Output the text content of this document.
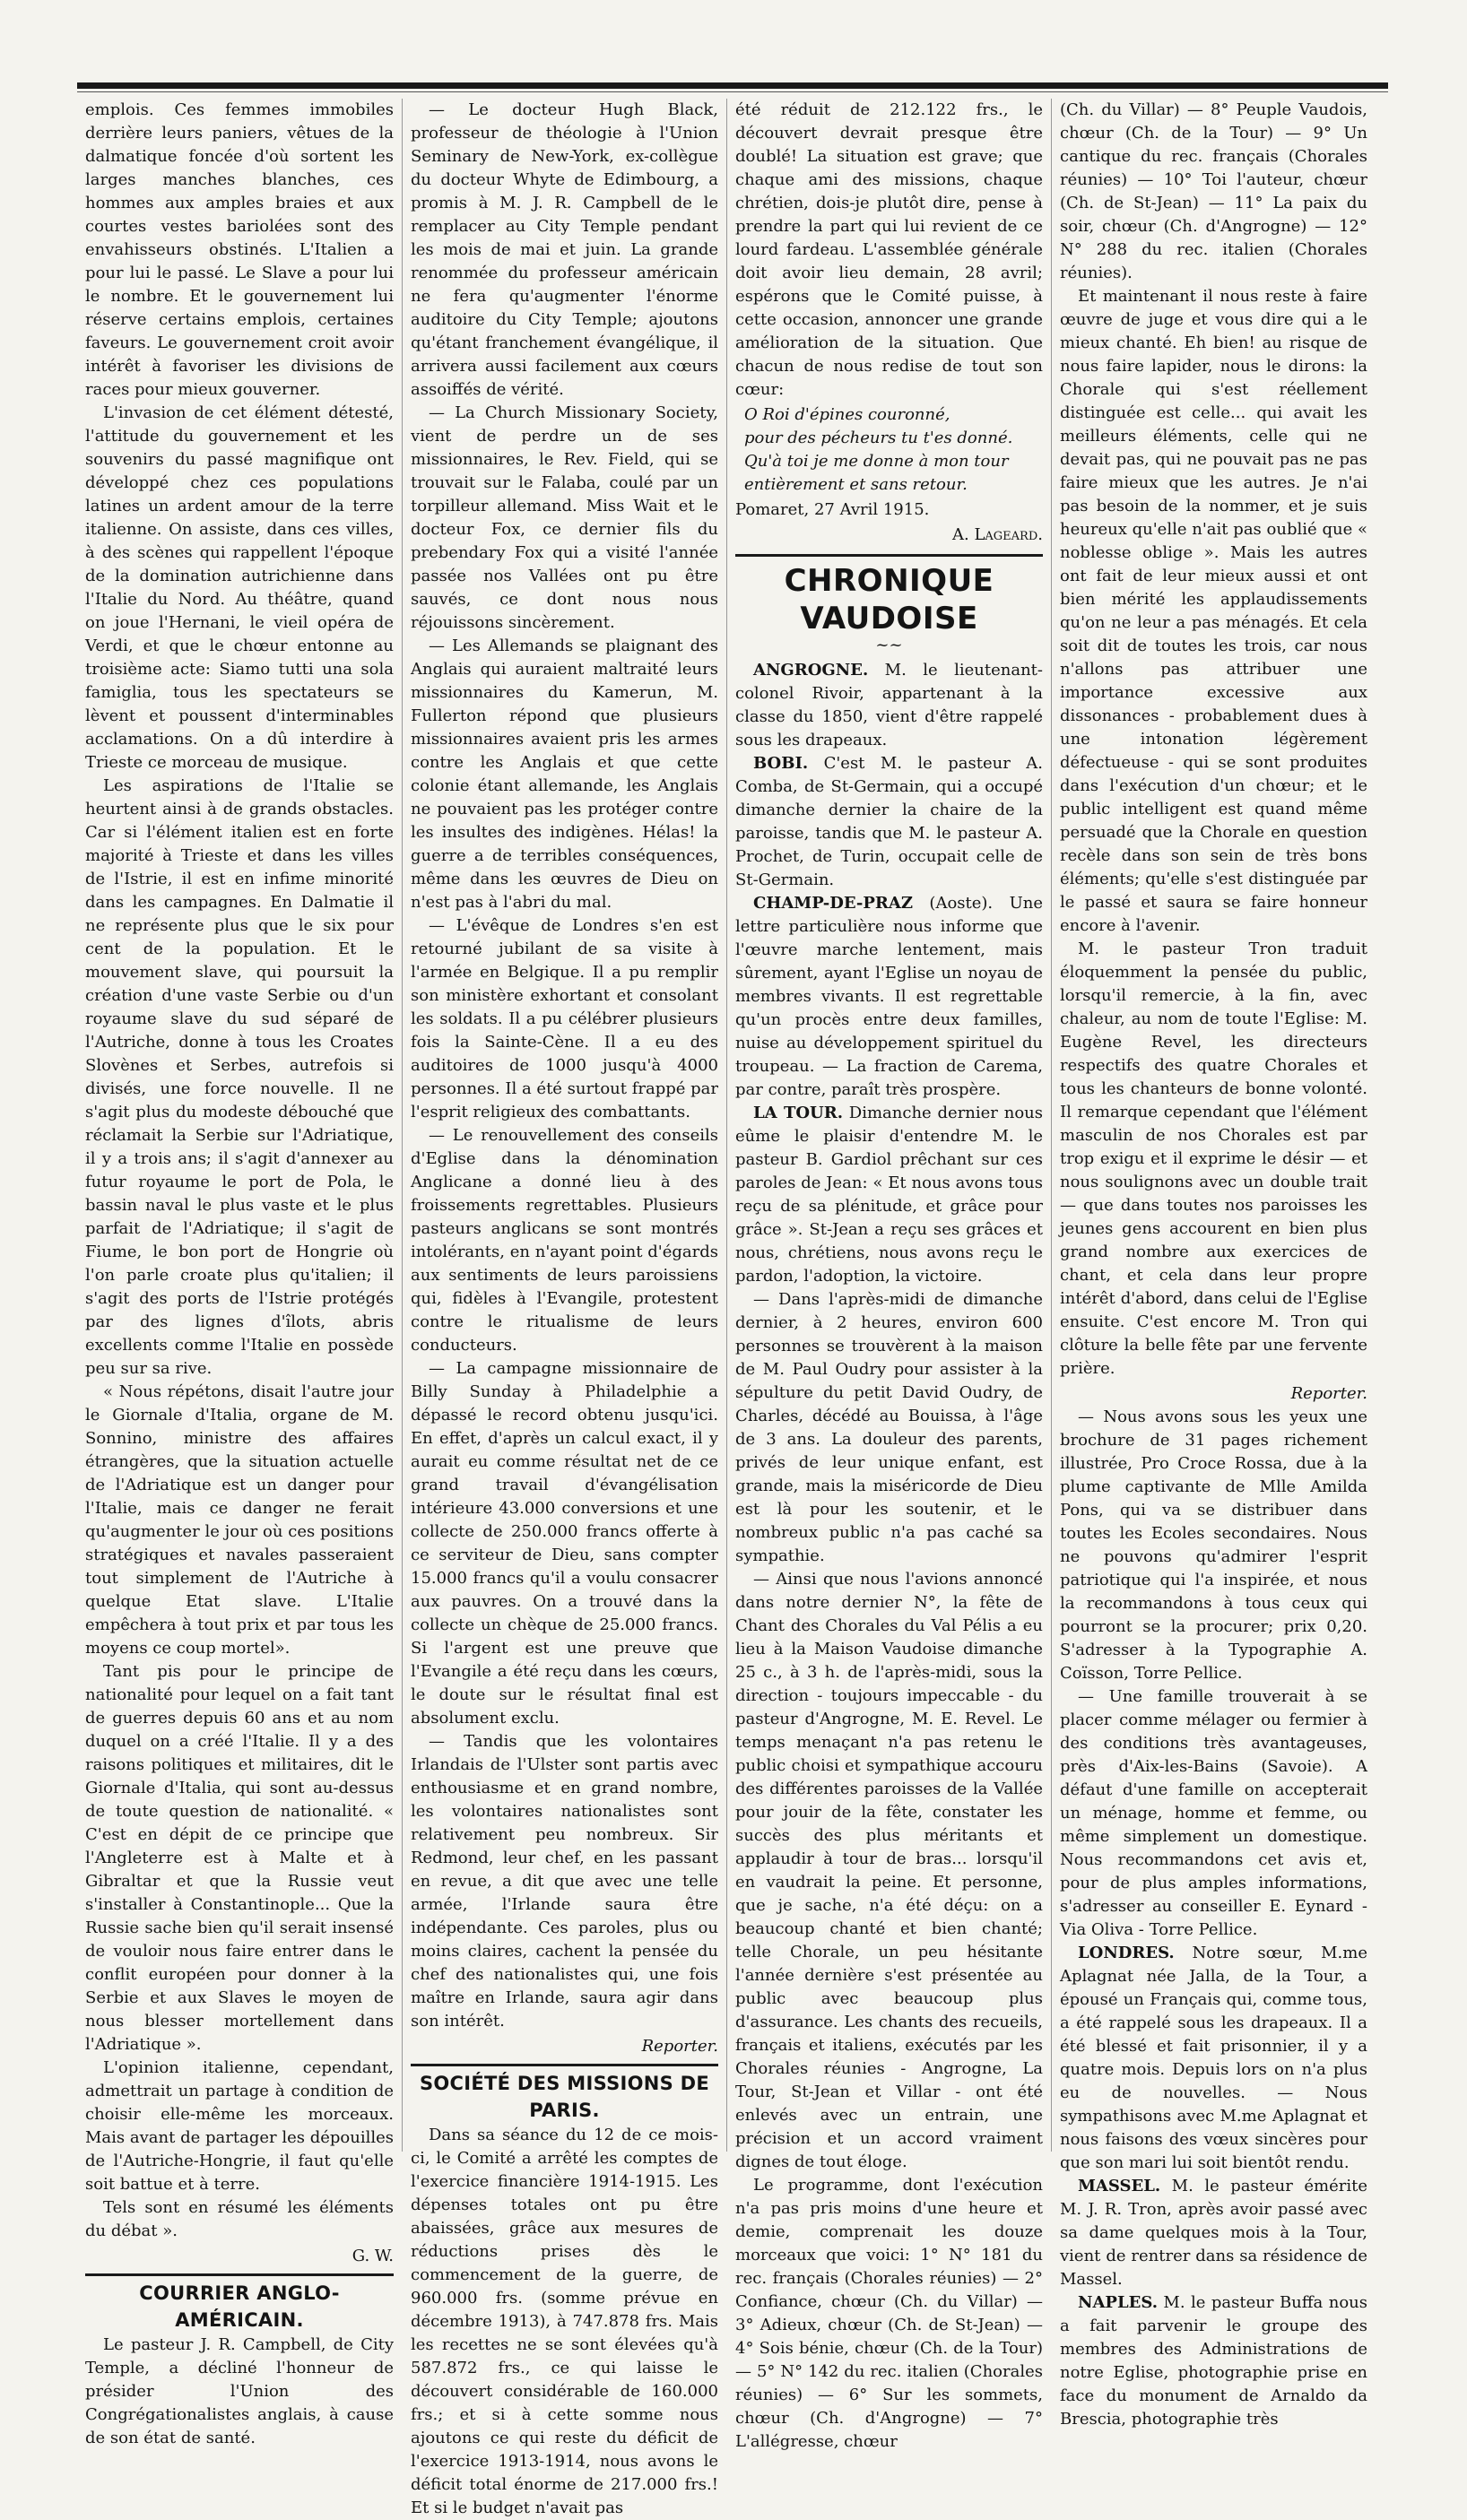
emplois. Ces femmes immobiles derrière leurs paniers, vêtues de la dalmatique foncée d'où sortent les larges manches blanches, ces hommes aux amples braies et aux courtes vestes bariolées sont des envahisseurs obstinés. L'Italien a pour lui le passé. Le Slave a pour lui le nombre. Et le gouvernement lui réserve certains emplois, certaines faveurs. Le gouvernement croit avoir intérêt à favoriser les divisions de races pour mieux gouverner.

L'invasion de cet élément détesté, l'attitude du gouvernement et les souvenirs du passé magnifique ont développé chez ces populations latines un ardent amour de la terre italienne. On assiste, dans ces villes, à des scènes qui rappellent l'époque de la domination autrichienne dans l'Italie du Nord. Au théâtre, quand on joue l'Hernani, le vieil opéra de Verdi, et que le chœur entonne au troisième acte: Siamo tutti una sola famiglia, tous les spectateurs se lèvent et poussent d'interminables acclamations. On a dû interdire à Trieste ce morceau de musique.

Les aspirations de l'Italie se heurtent ainsi à de grands obstacles. Car si l'élément italien est en forte majorité à Trieste et dans les villes de l'Istrie, il est en infime minorité dans les campagnes. En Dalmatie il ne représente plus que le six pour cent de la population. Et le mouvement slave, qui poursuit la création d'une vaste Serbie ou d'un royaume slave du sud séparé de l'Autriche, donne à tous les Croates Slovènes et Serbes, autrefois si divisés, une force nouvelle. Il ne s'agit plus du modeste débouché que réclamait la Serbie sur l'Adriatique, il y a trois ans; il s'agit d'annexer au futur royaume le port de Pola, le bassin naval le plus vaste et le plus parfait de l'Adriatique; il s'agit de Fiume, le bon port de Hongrie où l'on parle croate plus qu'italien; il s'agit des ports de l'Istrie protégés par des lignes d'îlots, abris excellents comme l'Italie en possède peu sur sa rive.

« Nous répétons, disait l'autre jour le Giornale d'Italia, organe de M. Sonnino, ministre des affaires étrangères, que la situation actuelle de l'Adriatique est un danger pour l'Italie, mais ce danger ne ferait qu'augmenter le jour où ces positions stratégiques et navales passeraient tout simplement de l'Autriche à quelque Etat slave. L'Italie empêchera à tout prix et par tous les moyens ce coup mortel».

Tant pis pour le principe de nationalité pour lequel on a fait tant de guerres depuis 60 ans et au nom duquel on a créé l'Italie. Il y a des raisons politiques et militaires, dit le Giornale d'Italia, qui sont au-dessus de toute question de nationalité. « C'est en dépit de ce principe que l'Angleterre est à Malte et à Gibraltar et que la Russie veut s'installer à Constantinople... Que la Russie sache bien qu'il serait insensé de vouloir nous faire entrer dans le conflit européen pour donner à la Serbie et aux Slaves le moyen de nous blesser mortellement dans l'Adriatique ».

L'opinion italienne, cependant, admettrait un partage à condition de choisir elle-même les morceaux. Mais avant de partager les dépouilles de l'Autriche-Hongrie, il faut qu'elle soit battue et à terre.

Tels sont en résumé les éléments du débat ».

G. W.

COURRIER ANGLO-AMÉRICAIN.

Le pasteur J. R. Campbell, de City Temple, a décliné l'honneur de présider l'Union des Congrégationalistes anglais, à cause de son état de santé.

— Le docteur Hugh Black, professeur de théologie à l'Union Seminary de New-York, ex-collègue du docteur Whyte de Edimbourg, a promis à M. J. R. Campbell de le remplacer au City Temple pendant les mois de mai et juin. La grande renommée du professeur américain ne fera qu'augmenter l'énorme auditoire du City Temple; ajoutons qu'étant franchement évangélique, il arrivera aussi facilement aux cœurs assoiffés de vérité.

— La Church Missionary Society, vient de perdre un de ses missionnaires, le Rev. Field, qui se trouvait sur le Falaba, coulé par un torpilleur allemand. Miss Wait et le docteur Fox, ce dernier fils du prebendary Fox qui a visité l'année passée nos Vallées ont pu être sauvés, ce dont nous nous réjouissons sincèrement.

— Les Allemands se plaignant des Anglais qui auraient maltraité leurs missionnaires du Kamerun, M. Fullerton répond que plusieurs missionnaires avaient pris les armes contre les Anglais et que cette colonie étant allemande, les Anglais ne pouvaient pas les protéger contre les insultes des indigènes. Hélas! la guerre a de terribles conséquences, même dans les œuvres de Dieu on n'est pas à l'abri du mal.

— L'évêque de Londres s'en est retourné jubilant de sa visite à l'armée en Belgique. Il a pu remplir son ministère exhortant et consolant les soldats. Il a pu célébrer plusieurs fois la Sainte-Cène. Il a eu des auditoires de 1000 jusqu'à 4000 personnes. Il a été surtout frappé par l'esprit religieux des combattants.

— Le renouvellement des conseils d'Eglise dans la dénomination Anglicane a donné lieu à des froissements regrettables. Plusieurs pasteurs anglicans se sont montrés intolérants, en n'ayant point d'égards aux sentiments de leurs paroissiens qui, fidèles à l'Evangile, protestent contre le ritualisme de leurs conducteurs.

— La campagne missionnaire de Billy Sunday à Philadelphie a dépassé le record obtenu jusqu'ici. En effet, d'après un calcul exact, il y aurait eu comme résultat net de ce grand travail d'évangélisation intérieure 43.000 conversions et une collecte de 250.000 francs offerte à ce serviteur de Dieu, sans compter 15.000 francs qu'il a voulu consacrer aux pauvres. On a trouvé dans la collecte un chèque de 25.000 francs. Si l'argent est une preuve que l'Evangile a été reçu dans les cœurs, le doute sur le résultat final est absolument exclu.

— Tandis que les volontaires Irlandais de l'Ulster sont partis avec enthousiasme et en grand nombre, les volontaires nationalistes sont relativement peu nombreux. Sir Redmond, leur chef, en les passant en revue, a dit que avec une telle armée, l'Irlande saura être indépendante. Ces paroles, plus ou moins claires, cachent la pensée du chef des nationalistes qui, une fois maître en Irlande, saura agir dans son intérêt.

Reporter.

SOCIÉTÉ DES MISSIONS DE PARIS.

Dans sa séance du 12 de ce mois-ci, le Comité a arrêté les comptes de l'exercice financière 1914-1915. Les dépenses totales ont pu être abaissées, grâce aux mesures de réductions prises dès le commencement de la guerre, de 960.000 frs. (somme prévue en décembre 1913), à 747.878 frs. Mais les recettes ne se sont élevées qu'à 587.872 frs., ce qui laisse le découvert considérable de 160.000 frs.; et si à cette somme nous ajoutons ce qui reste du déficit de l'exercice 1913-1914, nous avons le déficit total énorme de 217.000 frs.! Et si le budget n'avait pas

été réduit de 212.122 frs., le découvert devrait presque être doublé! La situation est grave; que chaque ami des missions, chaque chrétien, dois-je plutôt dire, pense à prendre la part qui lui revient de ce lourd fardeau. L'assemblée générale doit avoir lieu demain, 28 avril; espérons que le Comité puisse, à cette occasion, annoncer une grande amélioration de la situation. Que chacun de nous redise de tout son cœur:

O Roi d'épines couronné,
pour des pécheurs tu t'es donné.
Qu'à toi je me donne à mon tour
entièrement et sans retour.

Pomaret, 27 Avril 1915.

A. Lageard.

CHRONIQUE VAUDOISE
~~

ANGROGNE. M. le lieutenant-colonel Rivoir, appartenant à la classe du 1850, vient d'être rappelé sous les drapeaux.

BOBI. C'est M. le pasteur A. Comba, de St-Germain, qui a occupé dimanche dernier la chaire de la paroisse, tandis que M. le pasteur A. Prochet, de Turin, occupait celle de St-Germain.

CHAMP-DE-PRAZ (Aoste). Une lettre particulière nous informe que l'œuvre marche lentement, mais sûrement, ayant l'Eglise un noyau de membres vivants. Il est regrettable qu'un procès entre deux familles, nuise au développement spirituel du troupeau. — La fraction de Carema, par contre, paraît très prospère.

LA TOUR. Dimanche dernier nous eûme le plaisir d'entendre M. le pasteur B. Gardiol prêchant sur ces paroles de Jean: « Et nous avons tous reçu de sa plénitude, et grâce pour grâce ». St-Jean a reçu ses grâces et nous, chrétiens, nous avons reçu le pardon, l'adoption, la victoire.

— Dans l'après-midi de dimanche dernier, à 2 heures, environ 600 personnes se trouvèrent à la maison de M. Paul Oudry pour assister à la sépulture du petit David Oudry, de Charles, décédé au Bouissa, à l'âge de 3 ans. La douleur des parents, privés de leur unique enfant, est grande, mais la miséricorde de Dieu est là pour les soutenir, et le nombreux public n'a pas caché sa sympathie.

— Ainsi que nous l'avions annoncé dans notre dernier N°, la fête de Chant des Chorales du Val Pélis a eu lieu à la Maison Vaudoise dimanche 25 c., à 3 h. de l'après-midi, sous la direction - toujours impeccable - du pasteur d'Angrogne, M. E. Revel. Le temps menaçant n'a pas retenu le public choisi et sympathique accouru des différentes paroisses de la Vallée pour jouir de la fête, constater les succès des plus méritants et applaudir à tour de bras... lorsqu'il en vaudrait la peine. Et personne, que je sache, n'a été déçu: on a beaucoup chanté et bien chanté; telle Chorale, un peu hésitante l'année dernière s'est présentée au public avec beaucoup plus d'assurance. Les chants des recueils, français et italiens, exécutés par les Chorales réunies - Angrogne, La Tour, St-Jean et Villar - ont été enlevés avec un entrain, une précision et un accord vraiment dignes de tout éloge.

Le programme, dont l'exécution n'a pas pris moins d'une heure et demie, comprenait les douze morceaux que voici: 1° N° 181 du rec. français (Chorales réunies) — 2° Confiance, chœur (Ch. du Villar) — 3° Adieux, chœur (Ch. de St-Jean) — 4° Sois bénie, chœur (Ch. de la Tour) — 5° N° 142 du rec. italien (Chorales réunies) — 6° Sur les sommets, chœur (Ch. d'Angrogne) — 7° L'allégresse, chœur

(Ch. du Villar) — 8° Peuple Vaudois, chœur (Ch. de la Tour) — 9° Un cantique du rec. français (Chorales réunies) — 10° Toi l'auteur, chœur (Ch. de St-Jean) — 11° La paix du soir, chœur (Ch. d'Angrogne) — 12° N° 288 du rec. italien (Chorales réunies).

Et maintenant il nous reste à faire œuvre de juge et vous dire qui a le mieux chanté. Eh bien! au risque de nous faire lapider, nous le dirons: la Chorale qui s'est réellement distinguée est celle... qui avait les meilleurs éléments, celle qui ne devait pas, qui ne pouvait pas ne pas faire mieux que les autres. Je n'ai pas besoin de la nommer, et je suis heureux qu'elle n'ait pas oublié que « noblesse oblige ». Mais les autres ont fait de leur mieux aussi et ont bien mérité les applaudissements qu'on ne leur a pas ménagés. Et cela soit dit de toutes les trois, car nous n'allons pas attribuer une importance excessive aux dissonances - probablement dues à une intonation légèrement défectueuse - qui se sont produites dans l'exécution d'un chœur; et le public intelligent est quand même persuadé que la Chorale en question recèle dans son sein de très bons éléments; qu'elle s'est distinguée par le passé et saura se faire honneur encore à l'avenir.

M. le pasteur Tron traduit éloquemment la pensée du public, lorsqu'il remercie, à la fin, avec chaleur, au nom de toute l'Eglise: M. Eugène Revel, les directeurs respectifs des quatre Chorales et tous les chanteurs de bonne volonté. Il remarque cependant que l'élément masculin de nos Chorales est par trop exigu et il exprime le désir — et nous soulignons avec un double trait — que dans toutes nos paroisses les jeunes gens accourent en bien plus grand nombre aux exercices de chant, et cela dans leur propre intérêt d'abord, dans celui de l'Eglise ensuite. C'est encore M. Tron qui clôture la belle fête par une fervente prière.

Reporter.

— Nous avons sous les yeux une brochure de 31 pages richement illustrée, Pro Croce Rossa, due à la plume captivante de Mlle Amilda Pons, qui va se distribuer dans toutes les Ecoles secondaires. Nous ne pouvons qu'admirer l'esprit patriotique qui l'a inspirée, et nous la recommandons à tous ceux qui pourront se la procurer; prix 0,20. S'adresser à la Typographie A. Coïsson, Torre Pellice.

— Une famille trouverait à se placer comme mélager ou fermier à des conditions très avantageuses, près d'Aix-les-Bains (Savoie). A défaut d'une famille on accepterait un ménage, homme et femme, ou même simplement un domestique. Nous recommandons cet avis et, pour de plus amples informations, s'adresser au conseiller E. Eynard - Via Oliva - Torre Pellice.

LONDRES. Notre sœur, M.me Aplagnat née Jalla, de la Tour, a épousé un Français qui, comme tous, a été rappelé sous les drapeaux. Il a été blessé et fait prisonnier, il y a quatre mois. Depuis lors on n'a plus eu de nouvelles. — Nous sympathisons avec M.me Aplagnat et nous faisons des vœux sincères pour que son mari lui soit bientôt rendu.

MASSEL. M. le pasteur émérite M. J. R. Tron, après avoir passé avec sa dame quelques mois à la Tour, vient de rentrer dans sa résidence de Massel.

NAPLES. M. le pasteur Buffa nous a fait parvenir le groupe des membres des Administrations de notre Eglise, photographie prise en face du monument de Arnaldo da Brescia, photographie très
